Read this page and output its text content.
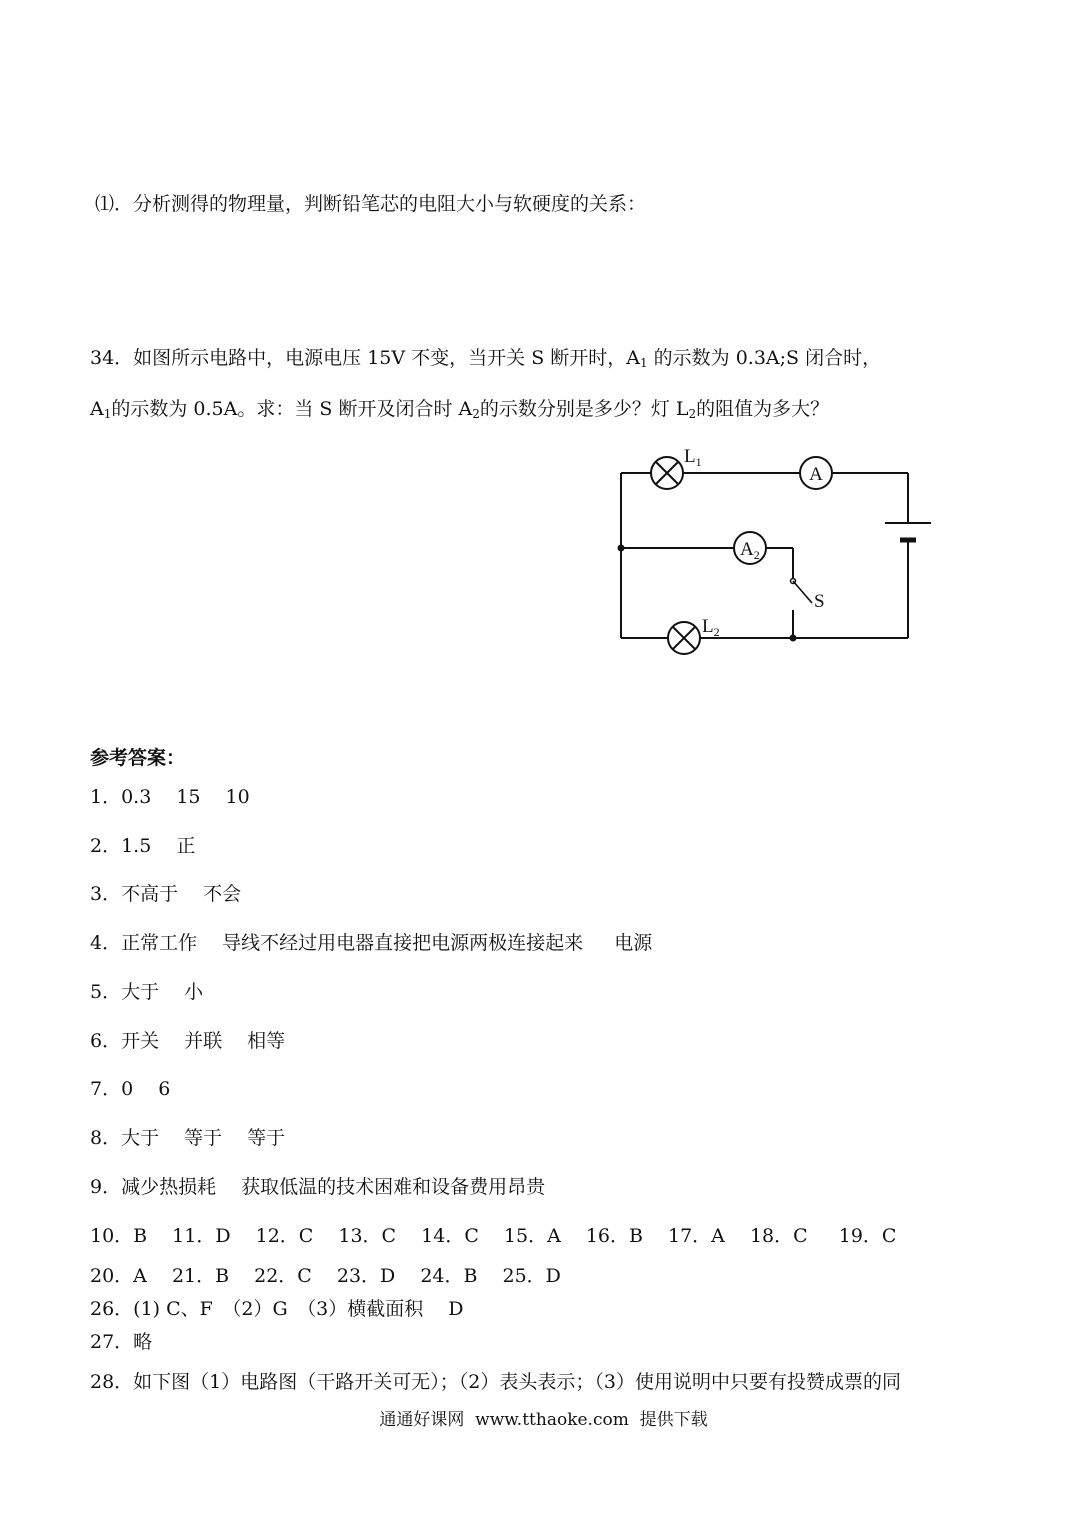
⑴．分析测得的物理量，判断铅笔芯的电阻大小与软硬度的关系：
34．如图所示电路中，电源电压 15V 不变，当开关 S 断开时，$A_1$ 的示数为 0.3A;S 闭合时，
$A_1$的示数为 0.5A。求：当 S 断开及闭合时 $A_2$的示数分别是多少？灯 $L_2$的阻值为多大？
$L_1$
A
$A_2$
S
$L_2$
参考答案：
1．0.3　 15　 10
2．1.5　 正
3．不高于　 不会
4．正常工作　 导线不经过用电器直接把电源两极连接起来　  电源
5．大于　 小
6．开关　 并联　 相等
7．0　 6
8．大于　 等于　 等于
9．减少热损耗　 获取低温的技术困难和设备费用昂贵
10．B　 11．D　 12．C　 13．C　 14．C　 15．A　 16．B　 17．A　 18．C　  19．C
20．A　 21．B　 22．C　 23．D　 24．B　 25．D
26．(1) C、F　（2）G　（3）横截面积　 D
27．略
28．如下图（1）电路图（干路开关可无）；（2）表头表示；（3）使用说明中只要有投赞成票的同
通通好课网  www.tthaoke.com  提供下载
